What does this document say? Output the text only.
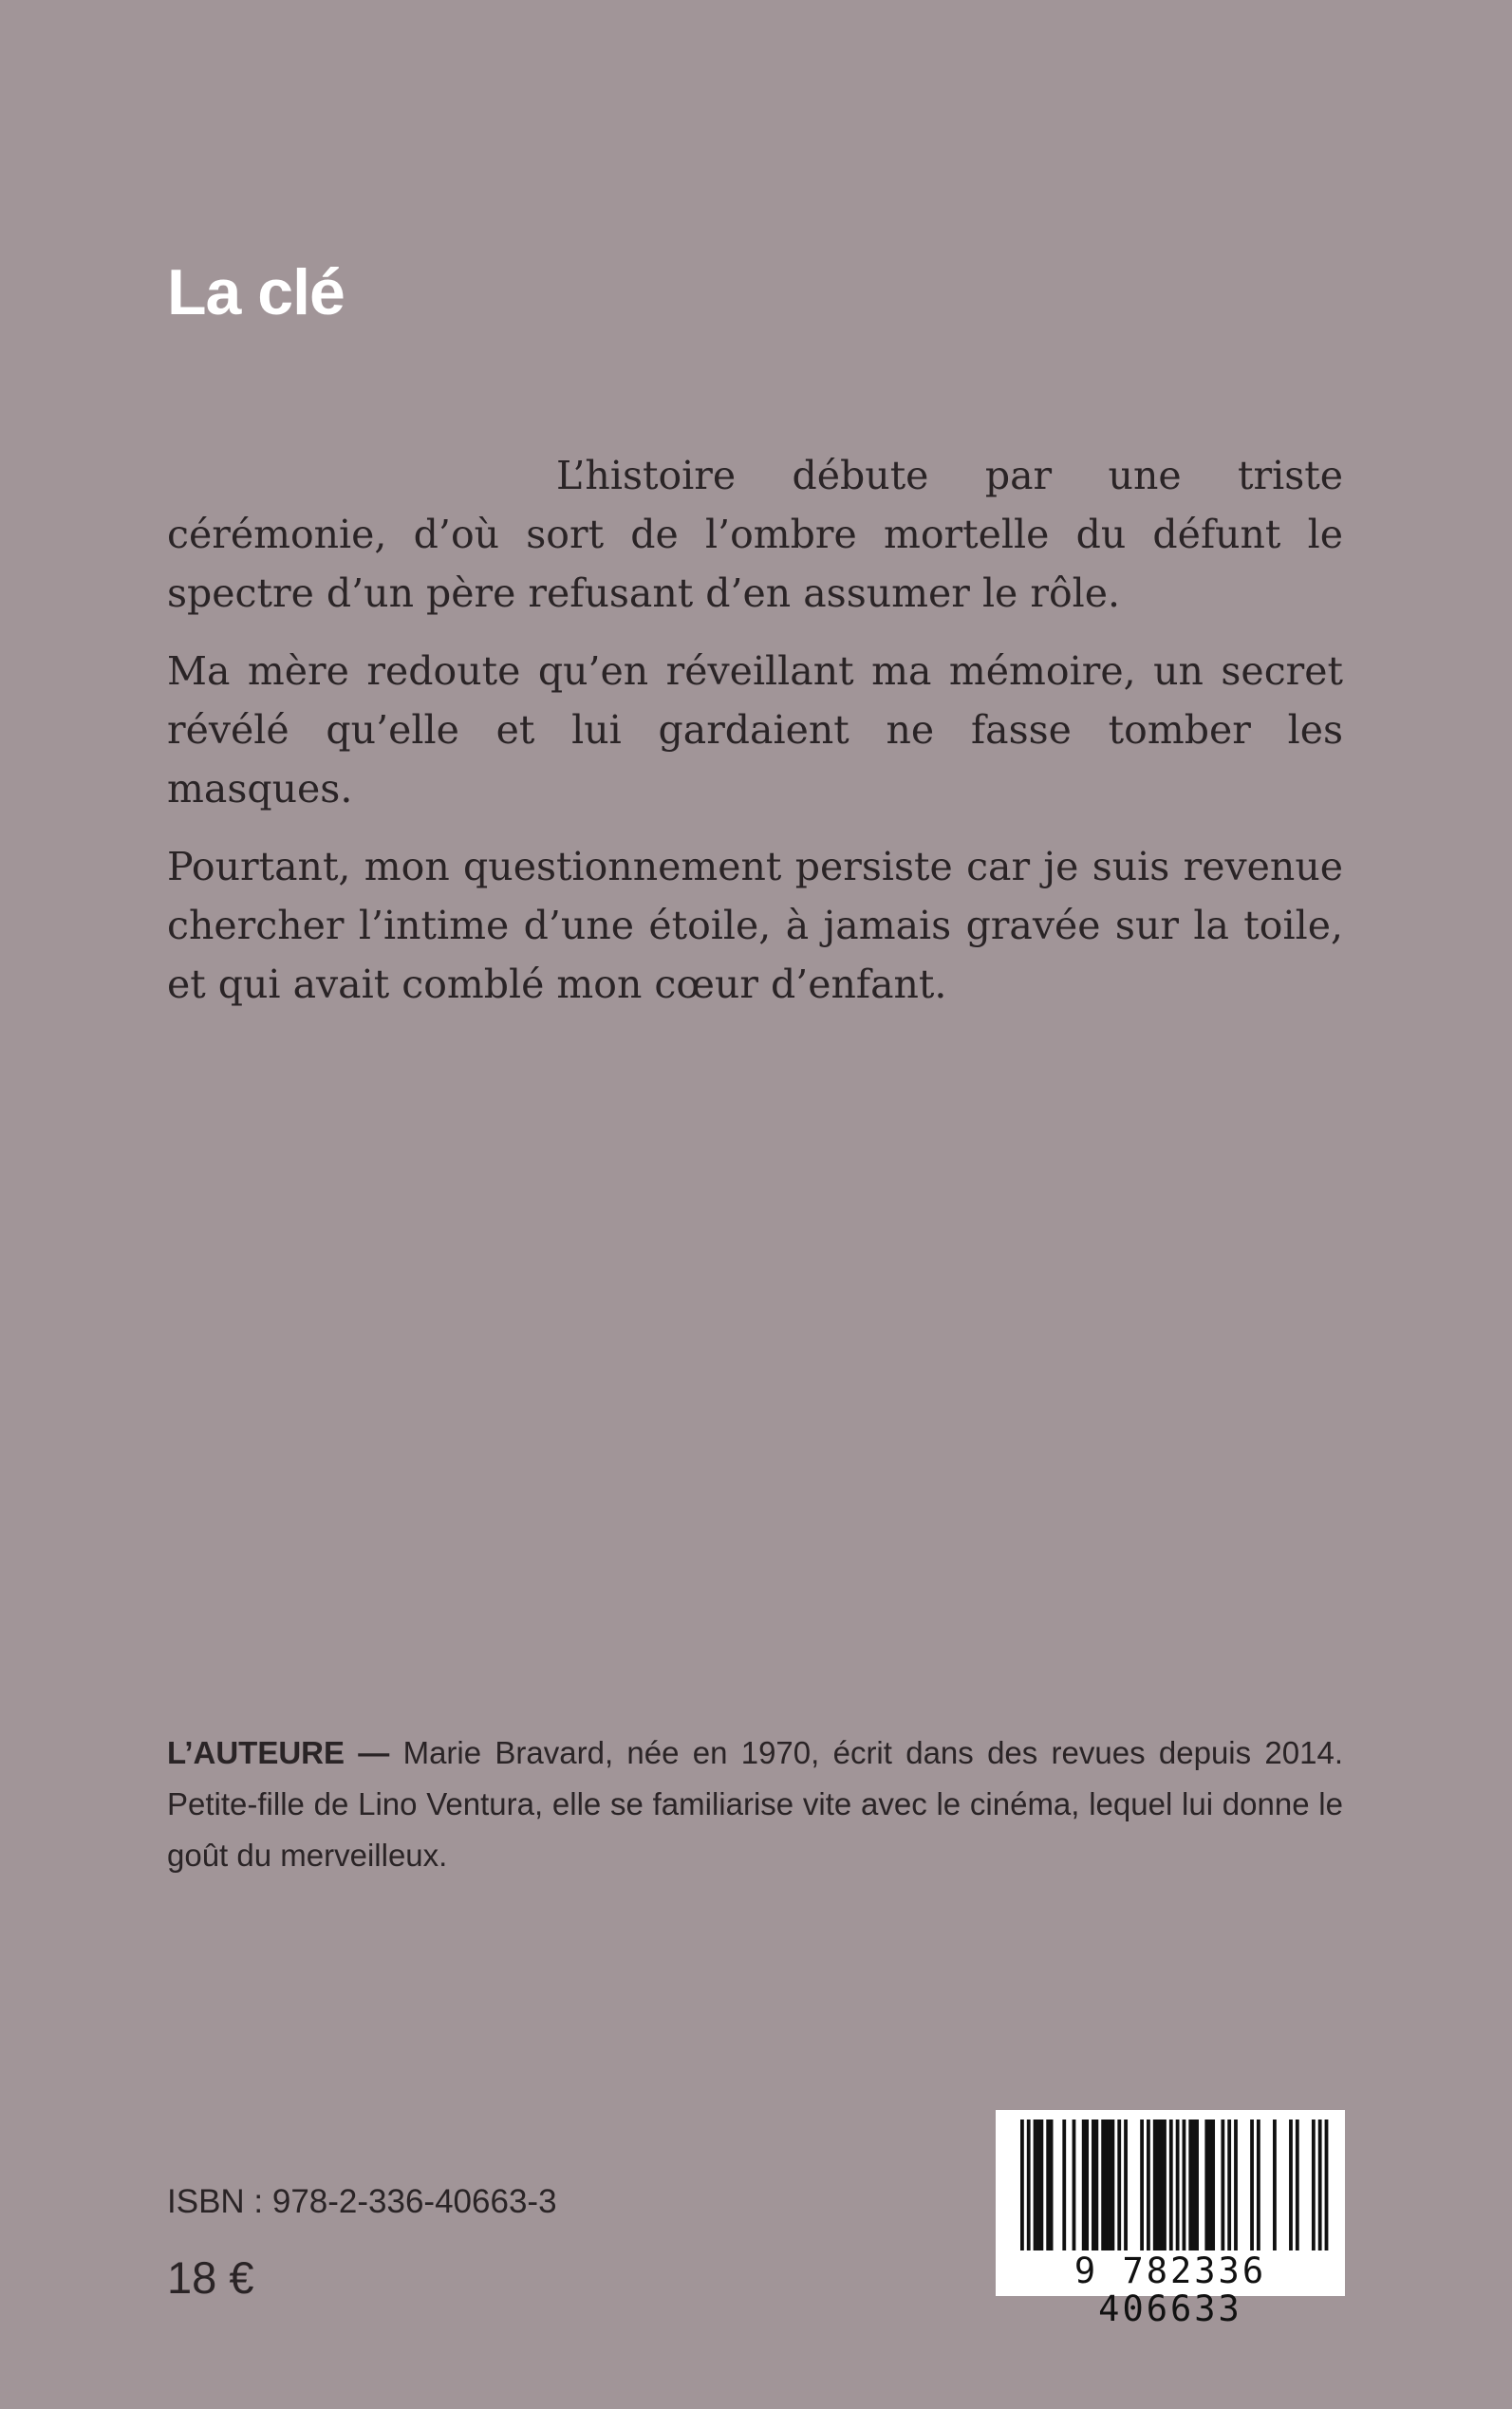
La clé

L’histoire débute par une triste cérémonie, d’où sort de l’ombre mortelle du défunt le spectre d’un père refusant d’en assumer le rôle.

Ma mère redoute qu’en réveillant ma mémoire, un secret révélé qu’elle et lui gardaient ne fasse tomber les masques.

Pourtant, mon questionnement persiste car je suis revenue chercher l’intime d’une étoile, à jamais gravée sur la toile, et qui avait comblé mon cœur d’enfant.

L’AUTEURE — Marie Bravard, née en 1970, écrit dans des revues depuis 2014. Petite-fille de Lino Ventura, elle se familiarise vite avec le cinéma, lequel lui donne le goût du merveilleux.

ISBN : 978-2-336-40663-3
18 €	9 782336 406633
